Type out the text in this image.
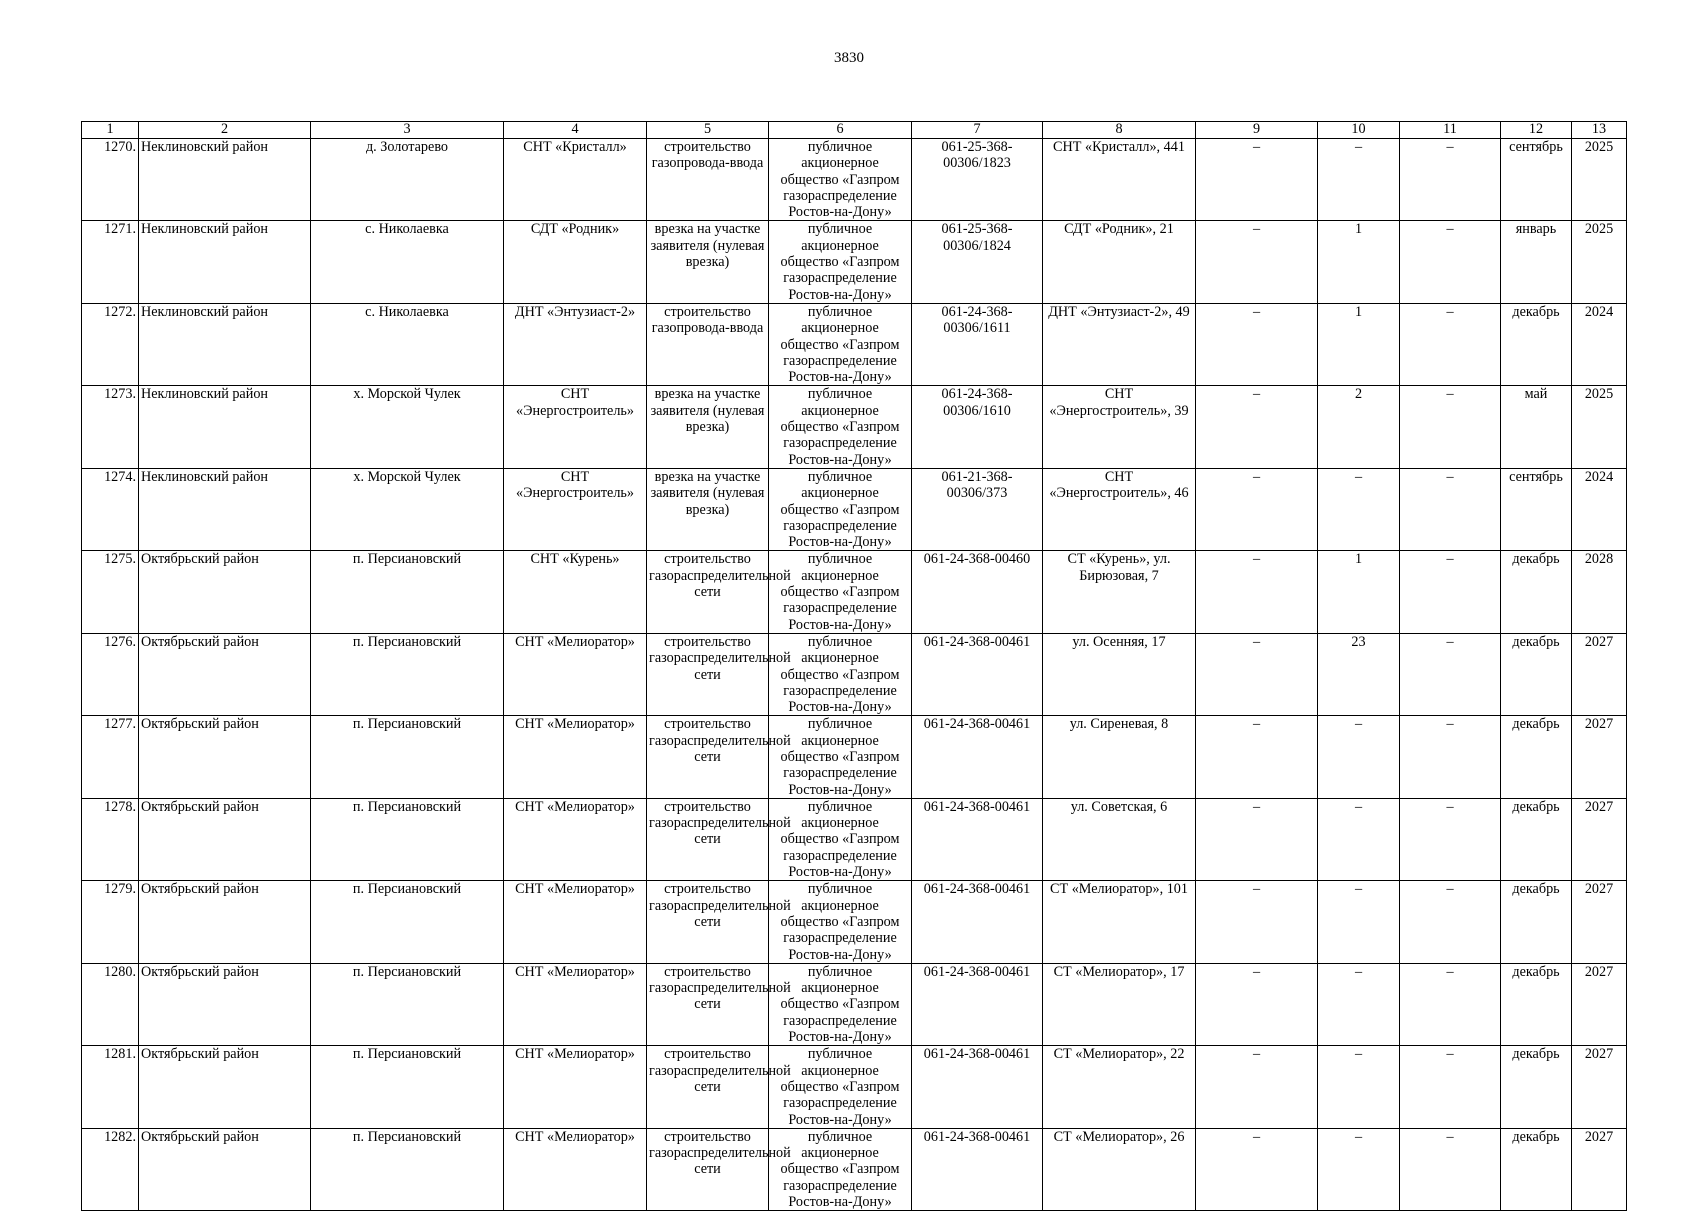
3830
1	2	3	4	5	6	7	8	9	10	11	12	13
1270.	Неклиновский район	д. Золотарево	СНТ «Кристалл»	строительство газопровода-ввода	публичное акционерное общество «Газпром газораспределение Ростов-на-Дону»	061-25-368-00306/1823	СНТ «Кристалл», 441	–	–	–	сентябрь	2025
1271.	Неклиновский район	с. Николаевка	СДТ «Родник»	врезка на участке заявителя (нулевая врезка)	публичное акционерное общество «Газпром газораспределение Ростов-на-Дону»	061-25-368-00306/1824	СДТ «Родник», 21	–	1	–	январь	2025
1272.	Неклиновский район	с. Николаевка	ДНТ «Энтузиаст-2»	строительство газопровода-ввода	публичное акционерное общество «Газпром газораспределение Ростов-на-Дону»	061-24-368-00306/1611	ДНТ «Энтузиаст-2», 49	–	1	–	декабрь	2024
1273.	Неклиновский район	х. Морской Чулек	СНТ «Энергостроитель»	врезка на участке заявителя (нулевая врезка)	публичное акционерное общество «Газпром газораспределение Ростов-на-Дону»	061-24-368-00306/1610	СНТ «Энергостроитель», 39	–	2	–	май	2025
1274.	Неклиновский район	х. Морской Чулек	СНТ «Энергостроитель»	врезка на участке заявителя (нулевая врезка)	публичное акционерное общество «Газпром газораспределение Ростов-на-Дону»	061-21-368-00306/373	СНТ «Энергостроитель», 46	–	–	–	сентябрь	2024
1275.	Октябрьский район	п. Персиановский	СНТ «Курень»	строительство газораспределительной сети	публичное акционерное общество «Газпром газораспределение Ростов-на-Дону»	061-24-368-00460	СТ «Курень», ул. Бирюзовая, 7	–	1	–	декабрь	2028
1276.	Октябрьский район	п. Персиановский	СНТ «Мелиоратор»	строительство газораспределительной сети	публичное акционерное общество «Газпром газораспределение Ростов-на-Дону»	061-24-368-00461	ул. Осенняя, 17	–	23	–	декабрь	2027
1277.	Октябрьский район	п. Персиановский	СНТ «Мелиоратор»	строительство газораспределительной сети	публичное акционерное общество «Газпром газораспределение Ростов-на-Дону»	061-24-368-00461	ул. Сиреневая, 8	–	–	–	декабрь	2027
1278.	Октябрьский район	п. Персиановский	СНТ «Мелиоратор»	строительство газораспределительной сети	публичное акционерное общество «Газпром газораспределение Ростов-на-Дону»	061-24-368-00461	ул. Советская, 6	–	–	–	декабрь	2027
1279.	Октябрьский район	п. Персиановский	СНТ «Мелиоратор»	строительство газораспределительной сети	публичное акционерное общество «Газпром газораспределение Ростов-на-Дону»	061-24-368-00461	СТ «Мелиоратор», 101	–	–	–	декабрь	2027
1280.	Октябрьский район	п. Персиановский	СНТ «Мелиоратор»	строительство газораспределительной сети	публичное акционерное общество «Газпром газораспределение Ростов-на-Дону»	061-24-368-00461	СТ «Мелиоратор», 17	–	–	–	декабрь	2027
1281.	Октябрьский район	п. Персиановский	СНТ «Мелиоратор»	строительство газораспределительной сети	публичное акционерное общество «Газпром газораспределение Ростов-на-Дону»	061-24-368-00461	СТ «Мелиоратор», 22	–	–	–	декабрь	2027
1282.	Октябрьский район	п. Персиановский	СНТ «Мелиоратор»	строительство газораспределительной сети	публичное акционерное общество «Газпром газораспределение Ростов-на-Дону»	061-24-368-00461	СТ «Мелиоратор», 26	–	–	–	декабрь	2027
